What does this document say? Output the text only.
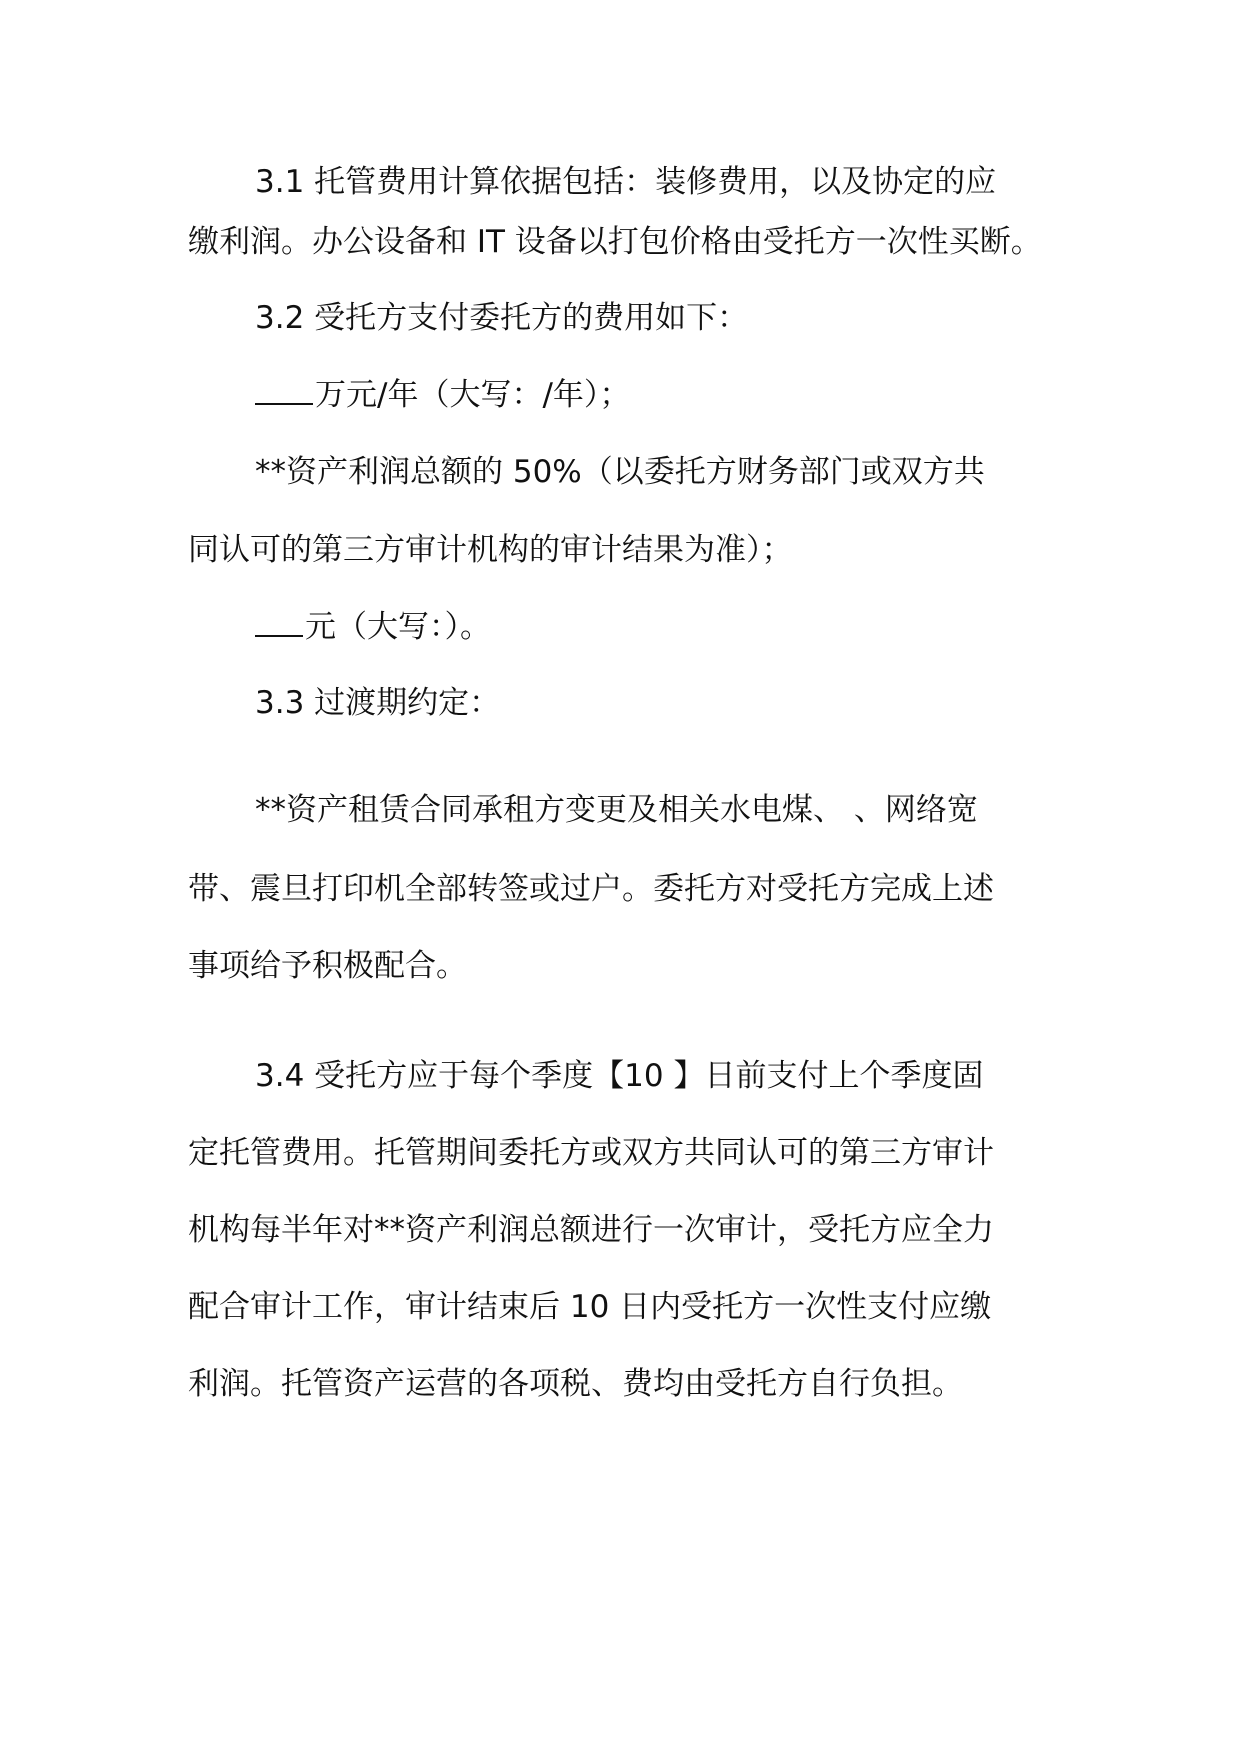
3.1 托管费用计算依据包括：装修费用，以及协定的应

缴利润。办公设备和 IT 设备以打包价格由受托方一次性买断。

3.2 受托方支付委托方的费用如下：

万元/年（大写：/年）；

**资产利润总额的 50%（以委托方财务部门或双方共

同认可的第三方审计机构的审计结果为准）；

元（大写：）。

3.3 过渡期约定：

**资产租赁合同承租方变更及相关水电煤、 、网络宽

带、震旦打印机全部转签或过户。委托方对受托方完成上述

事项给予积极配合。

3.4 受托方应于每个季度【10 】日前支付上个季度固

定托管费用。托管期间委托方或双方共同认可的第三方审计

机构每半年对**资产利润总额进行一次审计，受托方应全力

配合审计工作，审计结束后 10 日内受托方一次性支付应缴

利润。托管资产运营的各项税、费均由受托方自行负担。
